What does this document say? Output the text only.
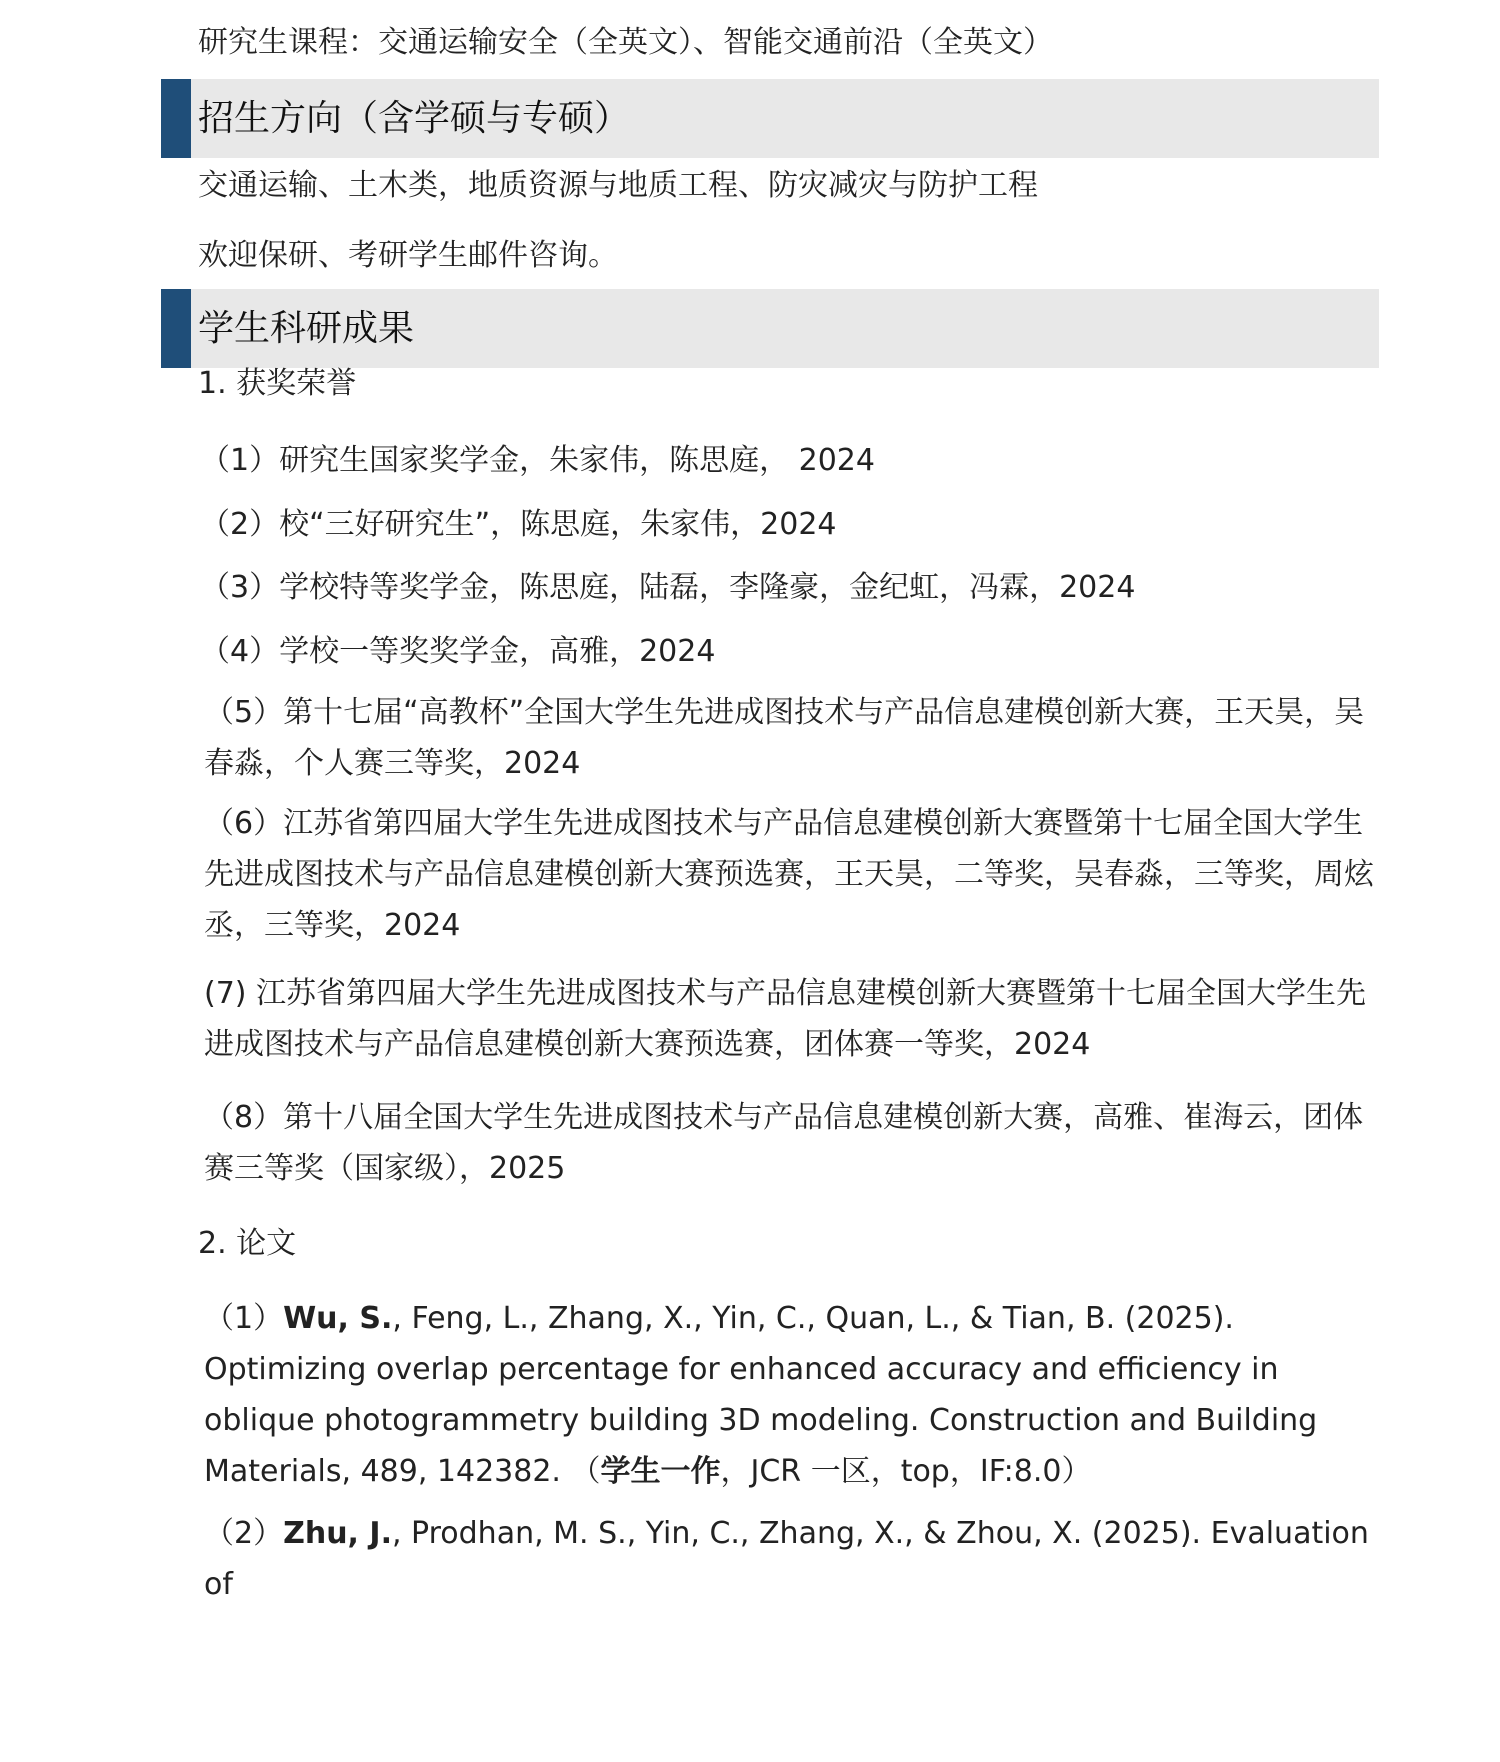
研究生课程：交通运输安全（全英文）、智能交通前沿（全英文）
招生方向（含学硕与专硕）
交通运输、土木类，地质资源与地质工程、防灾减灾与防护工程
欢迎保研、考研学生邮件咨询。
学生科研成果
1. 获奖荣誉
（1）研究生国家奖学金，朱家伟，陈思庭， 2024
（2）校“三好研究生”，陈思庭，朱家伟，2024
（3）学校特等奖学金，陈思庭，陆磊，李隆豪，金纪虹，冯霖，2024
（4）学校一等奖奖学金，高雅，2024
（5）第十七届“高教杯”全国大学生先进成图技术与产品信息建模创新大赛，王天昊，吴春淼，个人赛三等奖，2024
（6）江苏省第四届大学生先进成图技术与产品信息建模创新大赛暨第十七届全国大学生先进成图技术与产品信息建模创新大赛预选赛，王天昊，二等奖，吴春淼，三等奖，周炫丞，三等奖，2024
(7) 江苏省第四届大学生先进成图技术与产品信息建模创新大赛暨第十七届全国大学生先进成图技术与产品信息建模创新大赛预选赛，团体赛一等奖，2024
（8）第十八届全国大学生先进成图技术与产品信息建模创新大赛，高雅、崔海云，团体赛三等奖（国家级），2025
2. 论文
（1）Wu, S., Feng, L., Zhang, X., Yin, C., Quan, L., & Tian, B. (2025). Optimizing overlap percentage for enhanced accuracy and efficiency in oblique photogrammetry building 3D modeling. Construction and Building Materials, 489, 142382. （学生一作，JCR 一区，top，IF:8.0）
（2）Zhu, J., Prodhan, M. S., Yin, C., Zhang, X., & Zhou, X. (2025). Evaluation of
